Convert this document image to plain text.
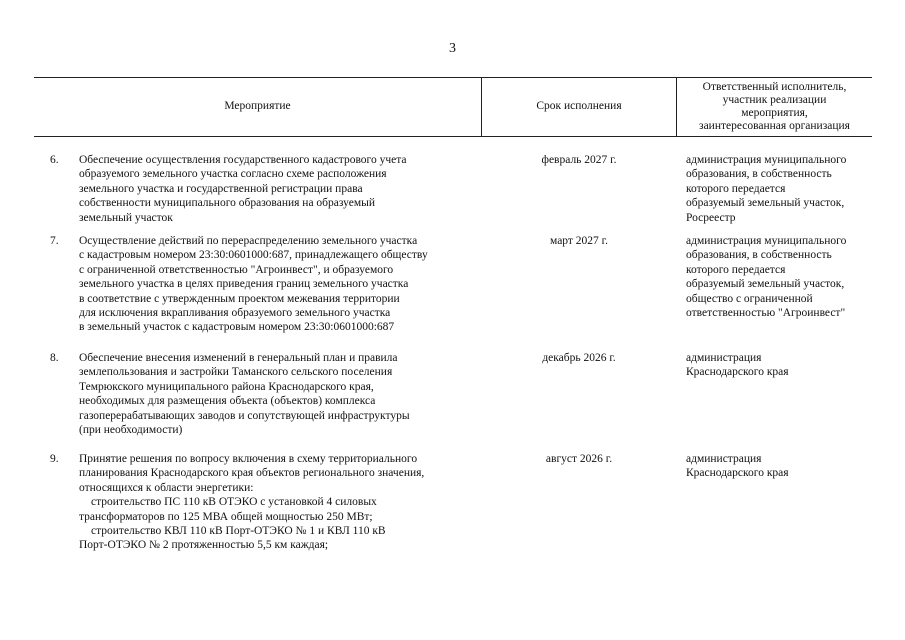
3
Мероприятие	Срок исполнения
Ответственный исполнитель,
участник реализации
мероприятия,
заинтересованная организация
6.	Обеспечение осуществления государственного кадастрового учета
образуемого земельного участка согласно схеме расположения
земельного участка и государственной регистрации права
собственности муниципального образования на образуемый
земельный участок
февраль 2027 г.	администрация муниципального
образования, в собственность
которого передается
образуемый земельный участок,
Росреестр
7.	Осуществление действий по перераспределению земельного участка
с кадастровым номером 23:30:0601000:687, принадлежащего обществу
с ограниченной ответственностью "Агроинвест", и образуемого
земельного участка в целях приведения границ земельного участка
в соответствие с утвержденным проектом межевания территории
для исключения вкрапливания образуемого земельного участка
в земельный участок с кадастровым номером 23:30:0601000:687
март 2027 г.	администрация муниципального
образования, в собственность
которого передается
образуемый земельный участок,
общество с ограниченной
ответственностью "Агроинвест"
8.	Обеспечение внесения изменений в генеральный план и правила
землепользования и застройки Таманского сельского поселения
Темрюкского муниципального района Краснодарского края,
необходимых для размещения объекта (объектов) комплекса
газоперерабатывающих заводов и сопутствующей инфраструктуры
(при необходимости)
декабрь 2026 г.	администрация
Краснодарского края
9.	Принятие решения по вопросу включения в схему территориального
планирования Краснодарского края объектов регионального значения,
относящихся к области энергетики:
строительство ПС 110 кВ ОТЭКО с установкой 4 силовых
трансформаторов по 125 МВА общей мощностью 250 МВт;
строительство КВЛ 110 кВ Порт-ОТЭКО № 1 и КВЛ 110 кВ
Порт-ОТЭКО № 2 протяженностью 5,5 км каждая;
август 2026 г.	администрация
Краснодарского края
